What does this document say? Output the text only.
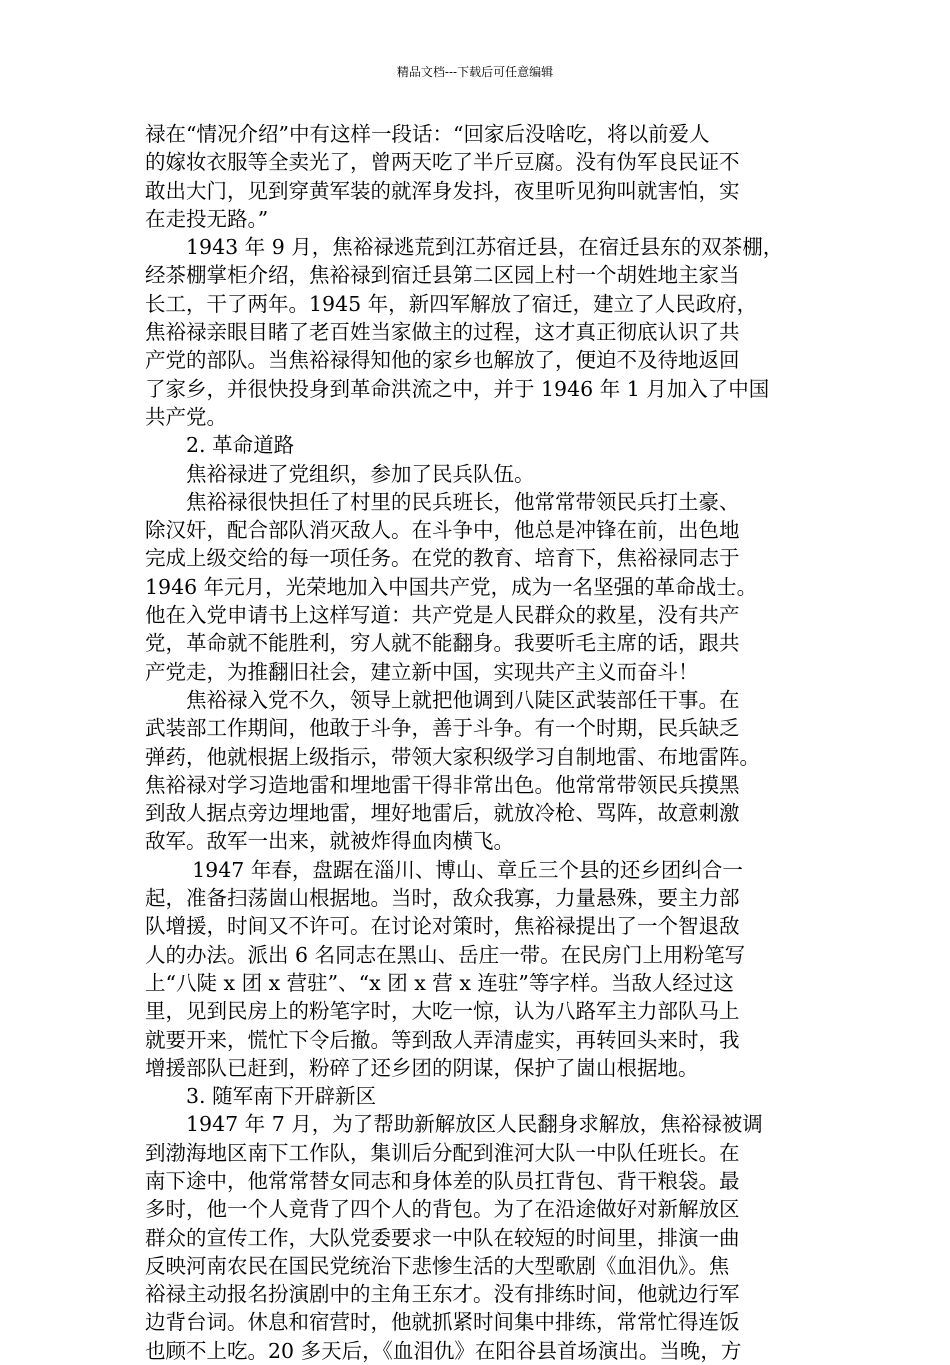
精品文档---下载后可任意编辑
禄在“情况介绍”中有这样一段话：“回家后没啥吃，将以前爱人
的嫁妆衣服等全卖光了，曾两天吃了半斤豆腐。没有伪军良民证不
敢出大门，见到穿黄军装的就浑身发抖，夜里听见狗叫就害怕，实
在走投无路。”
1943 年 9 月，焦裕禄逃荒到江苏宿迁县，在宿迁县东的双茶棚，
经茶棚掌柜介绍，焦裕禄到宿迁县第二区园上村一个胡姓地主家当
长工，干了两年。1945 年，新四军解放了宿迁，建立了人民政府，
焦裕禄亲眼目睹了老百姓当家做主的过程，这才真正彻底认识了共
产党的部队。当焦裕禄得知他的家乡也解放了，便迫不及待地返回
了家乡，并很快投身到革命洪流之中，并于 1946 年 1 月加入了中国
共产党。
2. 革命道路
焦裕禄进了党组织，参加了民兵队伍。
焦裕禄很快担任了村里的民兵班长，他常常带领民兵打土豪、
除汉奸，配合部队消灭敌人。在斗争中，他总是冲锋在前，出色地
完成上级交给的每一项任务。在党的教育、培育下，焦裕禄同志于
1946 年元月，光荣地加入中国共产党，成为一名坚强的革命战士。
他在入党申请书上这样写道：共产党是人民群众的救星，没有共产
党，革命就不能胜利，穷人就不能翻身。我要听毛主席的话，跟共
产党走，为推翻旧社会，建立新中国，实现共产主义而奋斗！
焦裕禄入党不久，领导上就把他调到八陡区武装部任干事。在
武装部工作期间，他敢于斗争，善于斗争。有一个时期，民兵缺乏
弹药，他就根据上级指示，带领大家积级学习自制地雷、布地雷阵。
焦裕禄对学习造地雷和埋地雷干得非常出色。他常常带领民兵摸黑
到敌人据点旁边埋地雷，埋好地雷后，就放冷枪、骂阵，故意刺激
敌军。敌军一出来，就被炸得血肉横飞。
1947 年春，盘踞在淄川、博山、章丘三个县的还乡团纠合一
起，准备扫荡崮山根据地。当时，敌众我寡，力量悬殊，要主力部
队增援，时间又不许可。在讨论对策时，焦裕禄提出了一个智退敌
人的办法。派出 6 名同志在黑山、岳庄一带。在民房门上用粉笔写
上“八陡 x 团 x 营驻”、“x 团 x 营 x 连驻”等字样。当敌人经过这
里，见到民房上的粉笔字时，大吃一惊，认为八路军主力部队马上
就要开来，慌忙下令后撤。等到敌人弄清虚实，再转回头来时，我
增援部队已赶到，粉碎了还乡团的阴谋，保护了崮山根据地。
3. 随军南下开辟新区
1947 年 7 月，为了帮助新解放区人民翻身求解放，焦裕禄被调
到渤海地区南下工作队，集训后分配到淮河大队一中队任班长。在
南下途中，他常常替女同志和身体差的队员扛背包、背干粮袋。最
多时，他一个人竟背了四个人的背包。为了在沿途做好对新解放区
群众的宣传工作，大队党委要求一中队在较短的时间里，排演一曲
反映河南农民在国民党统治下悲惨生活的大型歌剧《血泪仇》。焦
裕禄主动报名扮演剧中的主角王东才。没有排练时间，他就边行军
边背台词。休息和宿营时，他就抓紧时间集中排练，常常忙得连饭
也顾不上吃。20 多天后，《血泪仇》在阳谷县首场演出。当晚，方
